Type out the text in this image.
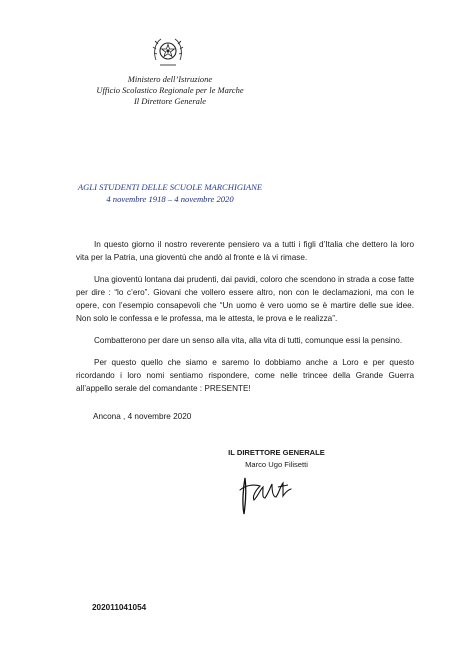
Ministero dell’Istruzione
Ufficio Scolastico Regionale per le Marche
Il Direttore Generale
AGLI STUDENTI DELLE SCUOLE MARCHIGIANE
4 novembre 1918 – 4 novembre 2020

In questo giorno il nostro reverente pensiero va a tutti i figli d’Italia che dettero la loro vita per la Patria, una gioventù che andò al fronte e là vi rimase.

Una gioventù lontana dai prudenti, dai pavidi, coloro che scendono in strada a cose fatte per dire : “lo c’ero”. Giovani che vollero essere altro, non con le declamazioni, ma con le opere, con l’esempio consapevoli che “Un uomo è vero uomo se è martire delle sue idee. Non solo le confessa e le professa, ma le attesta, le prova e le realizza”.

Combatterono per dare un senso alla vita, alla vita di tutti, comunque essi la pensino.

Per questo quello che siamo e saremo lo dobbiamo anche a Loro e per questo ricordando i loro nomi sentiamo rispondere, come nelle trincee della Grande Guerra all’appello serale del comandante : PRESENTE!

Ancona , 4 novembre 2020
IL DIRETTORE GENERALE
Marco Ugo Filisetti
202011041054
